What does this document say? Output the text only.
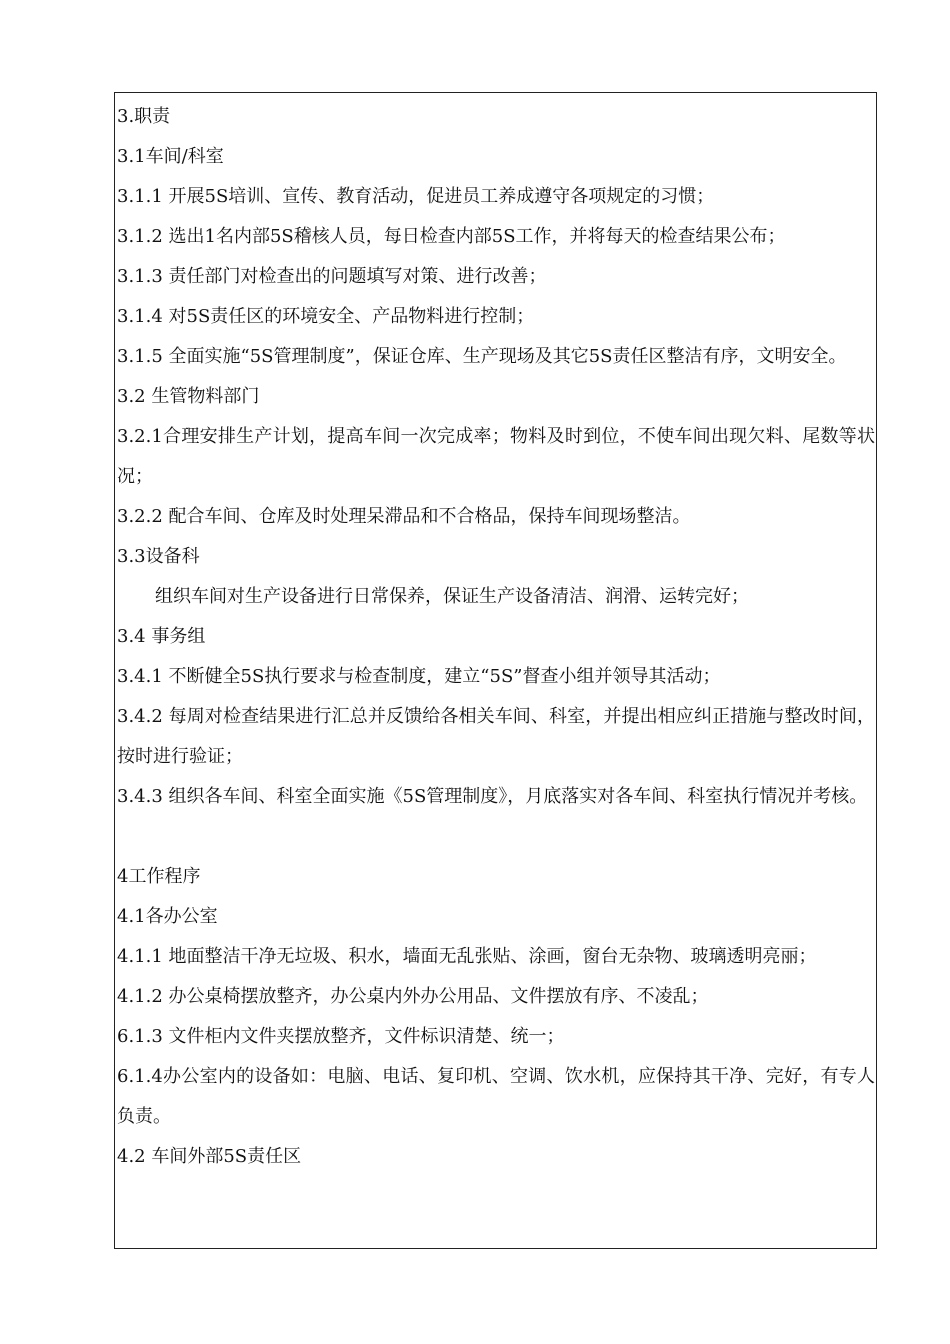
3.职责

3.1车间/科室

3.1.1 开展5S培训、宣传、教育活动，促进员工养成遵守各项规定的习惯；

3.1.2 选出1名内部5S稽核人员，每日检查内部5S工作，并将每天的检查结果公布；

3.1.3 责任部门对检查出的问题填写对策、进行改善；

3.1.4 对5S责任区的环境安全、产品物料进行控制；

3.1.5 全面实施“5S管理制度”，保证仓库、生产现场及其它5S责任区整洁有序，文明安全。

3.2 生管物料部门

3.2.1合理安排生产计划，提高车间一次完成率；物料及时到位，不使车间出现欠料、尾数等状况；

3.2.2 配合车间、仓库及时处理呆滞品和不合格品，保持车间现场整洁。

3.3设备科

组织车间对生产设备进行日常保养，保证生产设备清洁、润滑、运转完好；

3.4 事务组

3.4.1 不断健全5S执行要求与检查制度，建立“5S”督查小组并领导其活动；

3.4.2 每周对检查结果进行汇总并反馈给各相关车间、科室，并提出相应纠正措施与整改时间，按时进行验证；

3.4.3 组织各车间、科室全面实施《5S管理制度》，月底落实对各车间、科室执行情况并考核。

4工作程序

4.1各办公室

4.1.1 地面整洁干净无垃圾、积水，墙面无乱张贴、涂画，窗台无杂物、玻璃透明亮丽；

4.1.2 办公桌椅摆放整齐，办公桌内外办公用品、文件摆放有序、不凌乱；

6.1.3 文件柜内文件夹摆放整齐，文件标识清楚、统一；

6.1.4办公室内的设备如：电脑、电话、复印机、空调、饮水机，应保持其干净、完好，有专人负责。

4.2 车间外部5S责任区
